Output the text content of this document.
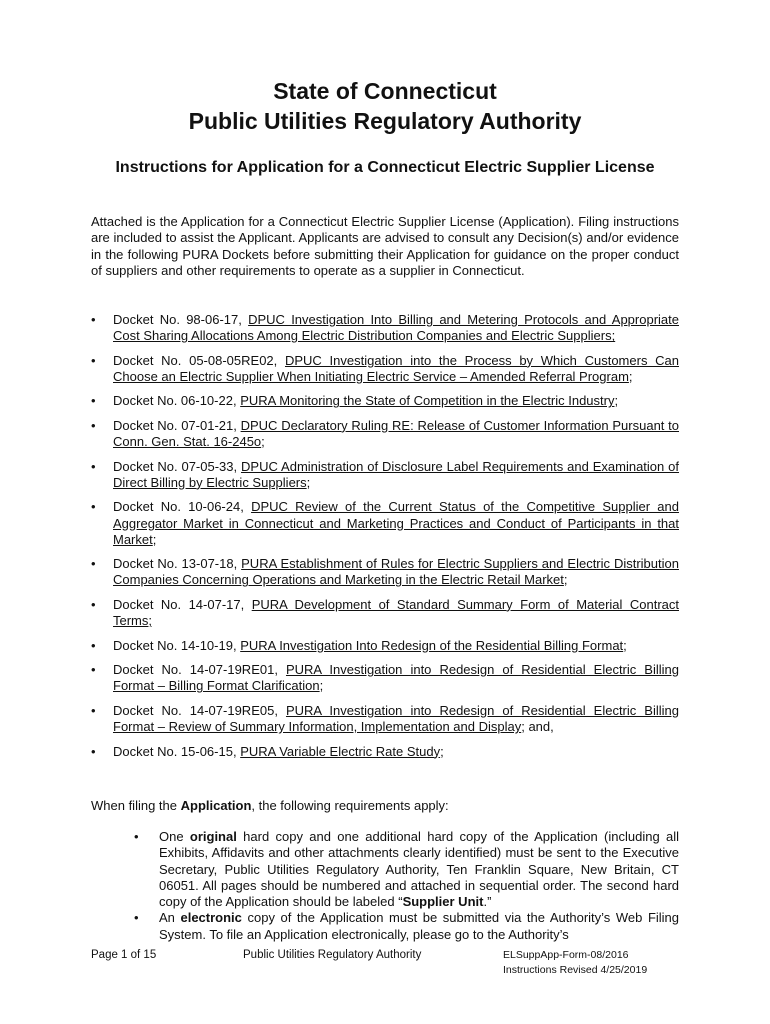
State of Connecticut
Public Utilities Regulatory Authority
Instructions for Application for a Connecticut Electric Supplier License

Attached is the Application for a Connecticut Electric Supplier License (Application). Filing instructions are included to assist the Applicant. Applicants are advised to consult any Decision(s) and/or evidence in the following PURA Dockets before submitting their Application for guidance on the proper conduct of suppliers and other requirements to operate as a supplier in Connecticut.

• Docket No. 98-06-17, DPUC Investigation Into Billing and Metering Protocols and Appropriate Cost Sharing Allocations Among Electric Distribution Companies and Electric Suppliers;
• Docket No. 05-08-05RE02, DPUC Investigation into the Process by Which Customers Can Choose an Electric Supplier When Initiating Electric Service – Amended Referral Program;
• Docket No. 06-10-22, PURA Monitoring the State of Competition in the Electric Industry;
• Docket No. 07-01-21, DPUC Declaratory Ruling RE: Release of Customer Information Pursuant to Conn. Gen. Stat. 16-245o;
• Docket No. 07-05-33, DPUC Administration of Disclosure Label Requirements and Examination of Direct Billing by Electric Suppliers;
• Docket No. 10-06-24, DPUC Review of the Current Status of the Competitive Supplier and Aggregator Market in Connecticut and Marketing Practices and Conduct of Participants in that Market;
• Docket No. 13-07-18, PURA Establishment of Rules for Electric Suppliers and Electric Distribution Companies Concerning Operations and Marketing in the Electric Retail Market;
• Docket No. 14-07-17, PURA Development of Standard Summary Form of Material Contract Terms;
• Docket No. 14-10-19, PURA Investigation Into Redesign of the Residential Billing Format;
• Docket No. 14-07-19RE01, PURA Investigation into Redesign of Residential Electric Billing Format – Billing Format Clarification;
• Docket No. 14-07-19RE05, PURA Investigation into Redesign of Residential Electric Billing Format – Review of Summary Information, Implementation and Display; and,
• Docket No. 15-06-15, PURA Variable Electric Rate Study;
When filing the Application, the following requirements apply:
• One original hard copy and one additional hard copy of the Application (including all Exhibits, Affidavits and other attachments clearly identified) must be sent to the Executive Secretary, Public Utilities Regulatory Authority, Ten Franklin Square, New Britain, CT 06051. All pages should be numbered and attached in sequential order. The second hard copy of the Application should be labeled “Supplier Unit.”
• An electronic copy of the Application must be submitted via the Authority’s Web Filing System. To file an Application electronically, please go to the Authority’s
Page 1 of 15	Public Utilities Regulatory Authority	ELSuppApp-Form-08/2016
Instructions Revised 4/25/2019
